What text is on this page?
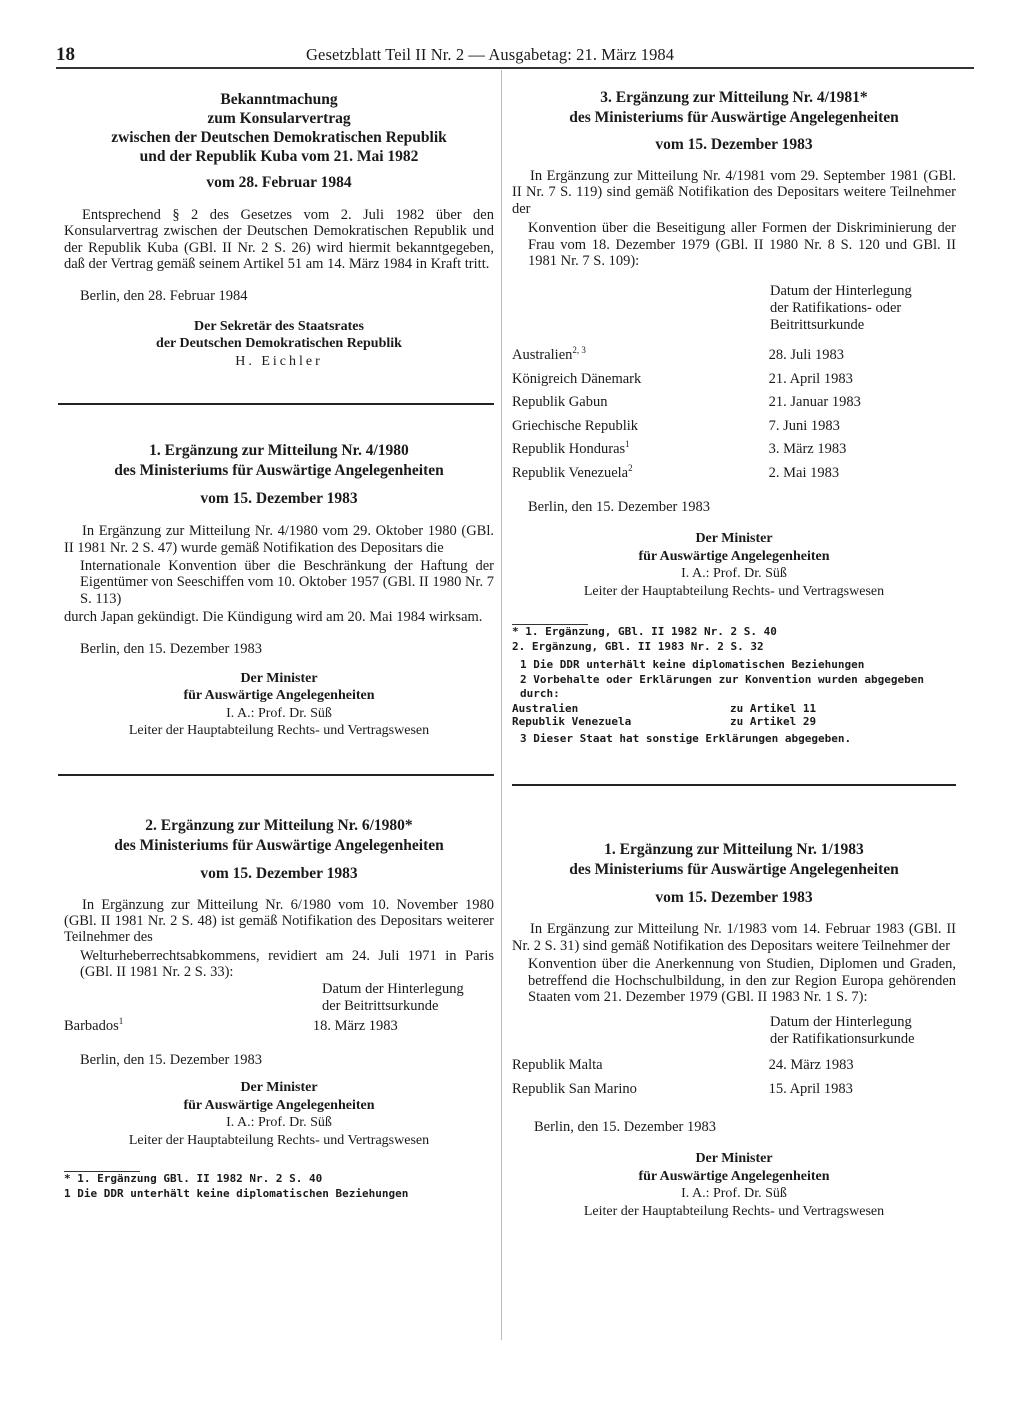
18	Gesetzblatt Teil II Nr. 2 — Ausgabetag: 21. März 1984
Bekanntmachung
zum Konsularvertrag
zwischen der Deutschen Demokratischen Republik
und der Republik Kuba vom 21. Mai 1982
vom 28. Februar 1984

Entsprechend § 2 des Gesetzes vom 2. Juli 1982 über den Konsularvertrag zwischen der Deutschen Demokratischen Republik und der Republik Kuba (GBl. II Nr. 2 S. 26) wird hiermit bekanntgegeben, daß der Vertrag gemäß seinem Artikel 51 am 14. März 1984 in Kraft tritt.

Berlin, den 28. Februar 1984

Der Sekretär des Staatsrates
der Deutschen Demokratischen Republik
H. Eichler
1. Ergänzung zur Mitteilung Nr. 4/1980
des Ministeriums für Auswärtige Angelegenheiten
vom 15. Dezember 1983

In Ergänzung zur Mitteilung Nr. 4/1980 vom 29. Oktober 1980 (GBl. II 1981 Nr. 2 S. 47) wurde gemäß Notifikation des Depositars die

Internationale Konvention über die Beschränkung der Haftung der Eigentümer von Seeschiffen vom 10. Oktober 1957 (GBl. II 1980 Nr. 7 S. 113)

durch Japan gekündigt. Die Kündigung wird am 20. Mai 1984 wirksam.

Berlin, den 15. Dezember 1983

Der Minister
für Auswärtige Angelegenheiten
I. A.: Prof. Dr. Süß
Leiter der Hauptabteilung Rechts- und Vertragswesen
2. Ergänzung zur Mitteilung Nr. 6/1980*
des Ministeriums für Auswärtige Angelegenheiten
vom 15. Dezember 1983

In Ergänzung zur Mitteilung Nr. 6/1980 vom 10. November 1980 (GBl. II 1981 Nr. 2 S. 48) ist gemäß Notifikation des Depositars weiterer Teilnehmer des

Welturheberrechtsabkommens, revidiert am 24. Juli 1971 in Paris (GBl. II 1981 Nr. 2 S. 33):

Datum der Hinterlegung
der Beitrittsurkunde
Barbados$^1$	18. März 1983

Berlin, den 15. Dezember 1983

Der Minister
für Auswärtige Angelegenheiten
I. A.: Prof. Dr. Süß
Leiter der Hauptabteilung Rechts- und Vertragswesen
* 1. Ergänzung GBl. II 1982 Nr. 2 S. 40
1 Die DDR unterhält keine diplomatischen Beziehungen
3. Ergänzung zur Mitteilung Nr. 4/1981*
des Ministeriums für Auswärtige Angelegenheiten
vom 15. Dezember 1983

In Ergänzung zur Mitteilung Nr. 4/1981 vom 29. September 1981 (GBl. II Nr. 7 S. 119) sind gemäß Notifikation des Depositars weitere Teilnehmer der

Konvention über die Beseitigung aller Formen der Diskriminierung der Frau vom 18. Dezember 1979 (GBl. II 1980 Nr. 8 S. 120 und GBl. II 1981 Nr. 7 S. 109):

Datum der Hinterlegung
der Ratifikations- oder
Beitrittsurkunde
Australien$^{2, 3}$	28. Juli 1983
Königreich Dänemark	21. April 1983
Republik Gabun	21. Januar 1983
Griechische Republik	7. Juni 1983
Republik Honduras$^1$	3. März 1983
Republik Venezuela$^2$	2. Mai 1983

Berlin, den 15. Dezember 1983

Der Minister
für Auswärtige Angelegenheiten
I. A.: Prof. Dr. Süß
Leiter der Hauptabteilung Rechts- und Vertragswesen
* 1. Ergänzung, GBl. II 1982 Nr. 2 S. 40
2. Ergänzung, GBl. II 1983 Nr. 2 S. 32
1 Die DDR unterhält keine diplomatischen Beziehungen
2 Vorbehalte oder Erklärungen zur Konvention wurden abgegeben durch:
Australien	zu Artikel 11
Republik Venezuela	zu Artikel 29
3 Dieser Staat hat sonstige Erklärungen abgegeben.
1. Ergänzung zur Mitteilung Nr. 1/1983
des Ministeriums für Auswärtige Angelegenheiten
vom 15. Dezember 1983

In Ergänzung zur Mitteilung Nr. 1/1983 vom 14. Februar 1983 (GBl. II Nr. 2 S. 31) sind gemäß Notifikation des Depositars weitere Teilnehmer der

Konvention über die Anerkennung von Studien, Diplomen und Graden, betreffend die Hochschulbildung, in den zur Region Europa gehörenden Staaten vom 21. Dezember 1979 (GBl. II 1983 Nr. 1 S. 7):

Datum der Hinterlegung
der Ratifikationsurkunde
Republik Malta	24. März 1983
Republik San Marino	15. April 1983

Berlin, den 15. Dezember 1983

Der Minister
für Auswärtige Angelegenheiten
I. A.: Prof. Dr. Süß
Leiter der Hauptabteilung Rechts- und Vertragswesen
